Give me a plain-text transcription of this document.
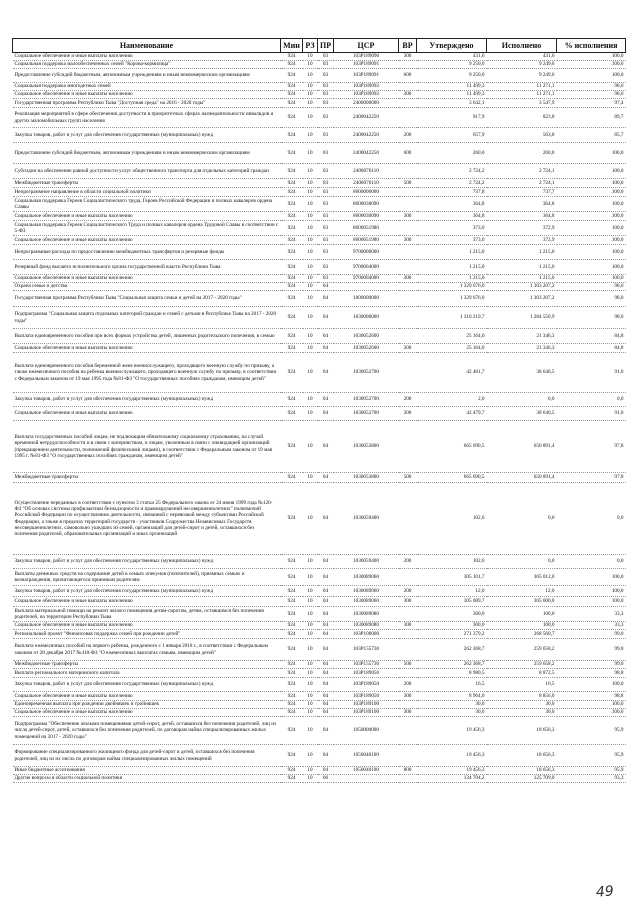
Наименование	Мин	РЗ	ПР	ЦСР	ВР	Утверждено	Исполнено	% исполнения
Социальное обеспечение и иные выплаты населению	924	10	03	103P189090	300	431,6	431,6	100,0
Социальная поддержка малообеспеченных семей "Корова-кормилица"	924	10	03	103P189091		9 250,0	9 249,6	100,0
Предоставление субсидий бюджетным, автономным учреждениям и иным некоммерческим организациям	924	10	03	103P189091	600	9 250,0	9 249,6	100,0
Социальная поддержка многодетных семей	924	10	03	103P189092		11 499,3	11 271,1	98,0
Социальное обеспечение и иные выплаты населению	924	10	03	103P189092	300	11 499,3	11 271,1	98,0
Государственная программа Республики Тыва "Доступная среда" на 2016 - 2020 годы"	924	10	03	2400000000		3 642,1	3 547,9	97,4
Реализация мероприятий в сфере обеспечения доступности в приоритетных сферах жизнедеятельности инвалидов и других маломобильных групп населения	924	10	03	2400042250		917,9	823,8	89,7
Закупка товаров, работ и услуг для обеспечения государственных (муниципальных) нужд	924	10	03	2400042250	200	657,9	563,8	85,7
Предоставление субсидий бюджетным, автономным учреждениям и иным некоммерческим организациям	924	10	03	2400042250	600	260,0	260,0	100,0
Субсидии на обеспечение равной доступности услуг общественного транспорта для отдельных категорий граждан	924	10	03	2400076110		2 724,2	2 724,1	100,0
Межбюджетные трансферты	924	10	03	2400076110	500	2 724,2	2 724,1	100,0
Непрограммное направление в области социальной политики	924	10	03	8600000000		737,8	737,7	100,0
Социальная поддержка Героев Социалистического труда, Героев Российской Федерации и полных кавалеров ордена Славы	924	10	03	8600030090		364,8	364,8	100,0
Социальное обеспечение и иные выплаты населению	924	10	03	8600030090	300	364,8	364,8	100,0
Социальная поддержка Героев Социалистического Труда и полных кавалеров ордена Трудовой Славы в соответствии с 5-ФЗ	924	10	03	8600051980		373,0	372,9	100,0
Социальное обеспечение и иные выплаты населению	924	10	03	8600051980	300	373,0	372,9	100,0
Непрограммные расходы по предоставлению межбюджетных трансфертов и резервные фонды	924	10	03	9700000000		1 215,0	1 215,0	100,0
Резервный фонд высшего исполнительного органа государственной власти Республики Тыва	924	10	03	9700004000		1 215,0	1 215,0	100,0
Социальное обеспечение и иные выплаты населению	924	10	03	9700004000	300	1 215,0	1 215,0	100,0
Охрана семьи и детства	924	10	04			1 329 676,0	1 303 207,2	98,0
Государственная программа Республики Тыва "Социальная защита семьи и детей на 2017 - 2020 годы"	924	10	04	1000000000		1 329 676,0	1 303 207,2	98,0
Подпрограмма "Социальная защита отдельных категорий граждан и семей с детьми в Республике Тыва на 2017 - 2020 годы"	924	10	04	1030000000		1 310 219,7	1 284 550,9	98,0
Выплата единовременного пособия при всех формах устройства детей, лишенных родительского попечения, в семью	924	10	04	1030052600		25 164,0	21 346,3	84,8
Социальное обеспечение и иные выплаты населению	924	10	04	1030052600	300	25 164,0	21 346,3	84,8
Выплата единовременного пособия беременной жене военнослужащего, проходящего военную службу по призыву, а также ежемесячного пособия на ребенка военнослужащего, проходящего военную службу по призыву, в соответствии с Федеральным законом от 19 мая 1995 года №81-ФЗ "О государственных пособиях гражданам, имеющим детей"	924	10	04	1030052700		42 481,7	38 640,5	91,0
Закупка товаров, работ и услуг для обеспечения государственных (муниципальных) нужд	924	10	04	1030052700	200	2,0	0,0	0,0
Социальное обеспечение и иные выплаты населению	924	10	04	1030052700	300	42 479,7	38 640,5	91,0
Выплата государственных пособий лицам, не подлежащим обязательному социальному страхованию, на случай временной нетрудоспособности и в связи с материнством, и лицам, уволенным в связи с ликвидацией организаций (прекращением деятельности, полномочий физическими лицами), в соответствии с Федеральным законом от 19 мая 1995 г. №81-ФЗ "О государственных пособиях гражданам, имеющим детей"	924	10	04	1030053800		665 690,5	650 891,4	97,8
Межбюджетные трансферты	924	10	04	1030053800	500	665 690,5	650 891,4	97,8
Осуществление переданных в соответствии с пунктом 3 статьи 25 Федерального закона от 24 июня 1999 года №120-ФЗ "Об основах системы профилактики безнадзорности и правонарушений несовершеннолетних" полномочий Российской Федерации по осуществлению деятельности, связанной с перевозкой между субъектами Российской Федерации, а также в пределах территорий государств - участников Содружества Независимых Государств несовершеннолетних, самовольно ушедших из семей, организаций для детей-сирот и детей, оставшихся без попечения родителей, образовательных организаций и иных организаций	924	10	04	1030059400		102,6	0,0	0,0
Закупка товаров, работ и услуг для обеспечения государственных (муниципальных) нужд	924	10	04	1030059400	200	102,6	0,0	0,0
Выплаты денежных средств на содержание детей в семьях опекунов (попечителей), приемных семьях и вознаграждения, причитающегося приемным родителям	924	10	04	1030089060		305 101,7	305 012,0	100,0
Закупка товаров, работ и услуг для обеспечения государственных (муниципальных) нужд	924	10	04	1030089060	200	12,0	12,0	100,0
Социальное обеспечение и иные выплаты населению	924	10	04	1030089060	300	305 089,7	305 000,0	100,0
Выплата материальной помощи на ремонт жилого помещения детям-сиротам, детям, оставшимся без попечения родителей, на территории Республики Тыва	924	10	04	1030089080		300,0	100,0	33,3
Социальное обеспечение и иные выплаты населению	924	10	04	1030089080	300	300,0	100,0	33,3
Региональный проект "Финансовая поддержка семей при рождении детей"	924	10	04	103P100000		271 379,2	268 560,7	99,0
Выплата ежемесячных пособий на первого ребенка, рожденного с 1 января 2018 г., в соответствии с Федеральным законом от 28 декабря 2017 №418-ФЗ "О ежемесячных выплатах семьям, имеющим детей"	924	10	04	103P155730		262 368,7	259 658,2	99,0
Межбюджетные трансферты	924	10	04	103P155730	500	262 368,7	259 658,2	99,0
Выплата регионального материнского капитала	924	10	04	103P189050		8 980,5	8 872,5	98,8
Закупка товаров, работ и услуг для обеспечения государственных (муниципальных) нужд	924	10	04	103P189050	200	16,5	16,5	100,0
Социальное обеспечение и иные выплаты населению	924	10	04	103P189050	300	8 964,0	8 856,0	98,8
Единовременная выплата при рождении двойняшек и тройняшек	924	10	04	103P189100		30,0	30,0	100,0
Социальное обеспечение и иные выплаты населению	924	10	04	103P189100	300	30,0	30,0	100,0
Подпрограмма "Обеспечение жилыми помещениями детей-сирот, детей, оставшихся без попечения родителей, лиц из числа детей-сирот, детей, оставшихся без попечения родителей, по договорам найма специализированных жилых помещений на 2017 - 2020 годы"	924	10	04	1050000000		19 456,3	18 656,3	95,9
Формирование специализированного жилищного фонда для детей-сирот и детей, оставшихся без попечения родителей, лиц из их числа по договорам найма специализированных жилых помещений	924	10	04	1050040100		19 456,3	18 656,3	95,9
Иные бюджетные ассигнования	924	10	04	1050040100	800	19 456,3	18 656,3	95,9
Другие вопросы в области социальной политики	924	10	06			134 704,2	125 709,0	93,3
49
